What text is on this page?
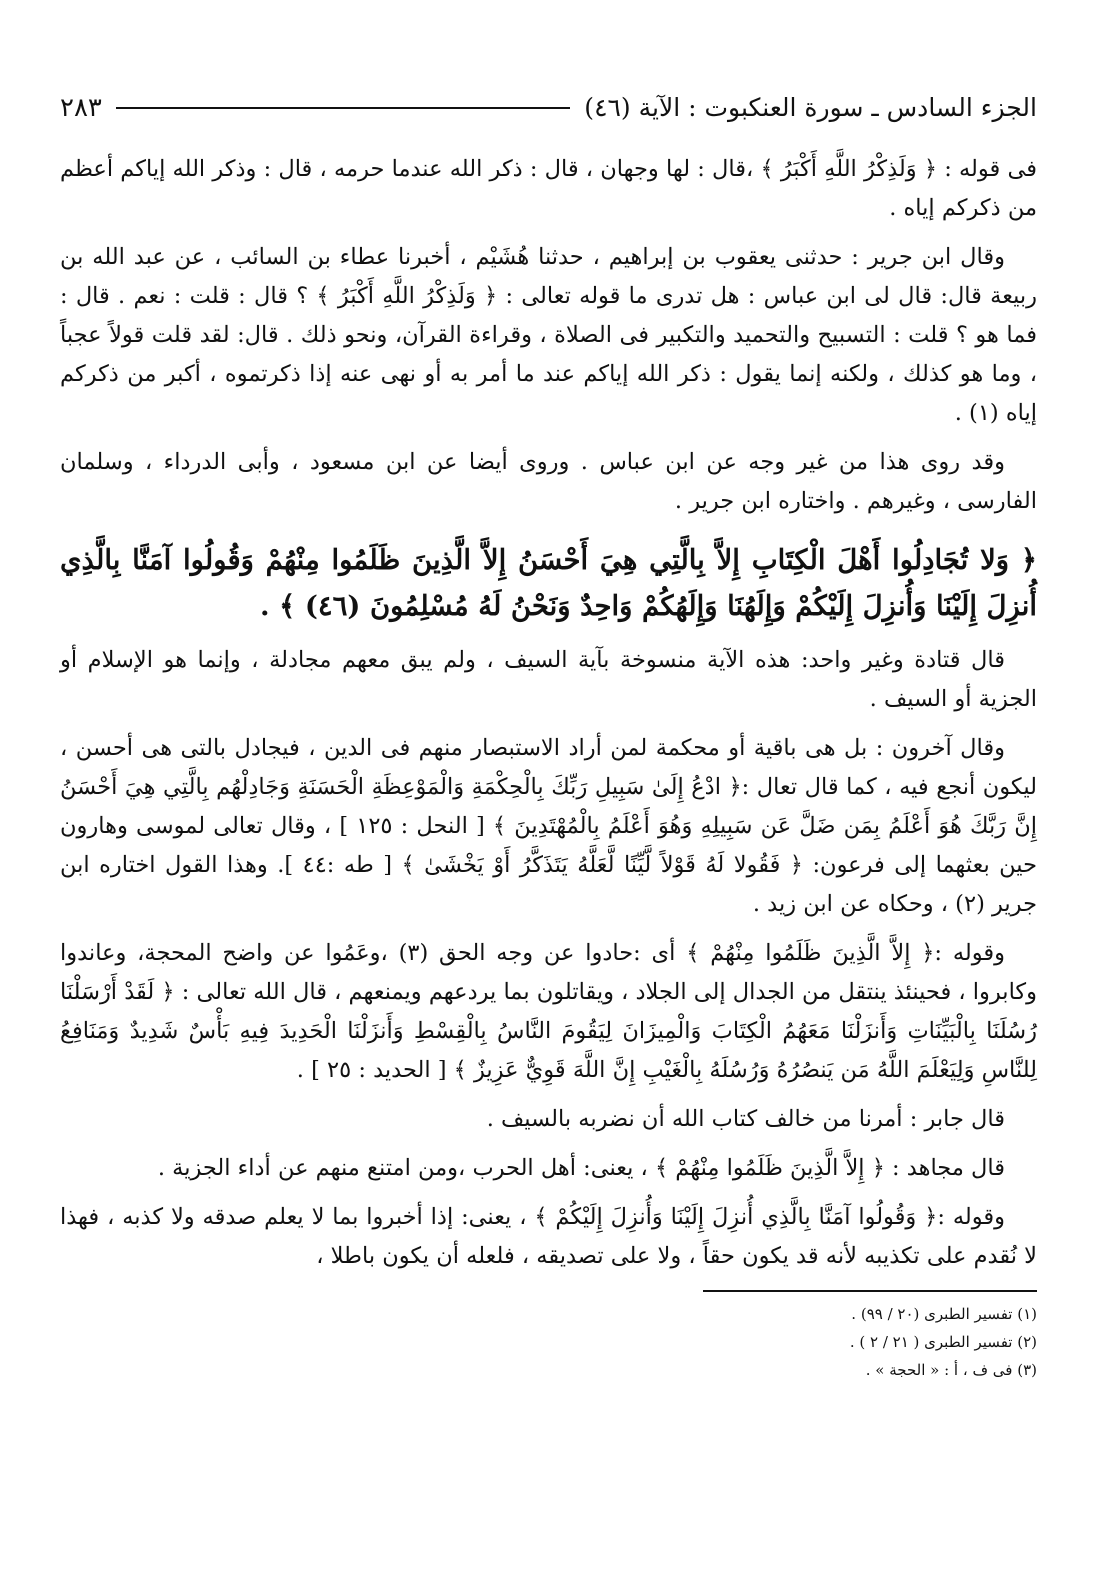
الجزء السادس ـ سورة العنكبوت : الآية (٤٦)
٢٨٣

فى قوله : ﴿ وَلَذِكْرُ اللَّهِ أَكْبَرُ ﴾ ،قال : لها وجهان ، قال : ذكر الله عندما حرمه ، قال : وذكر الله إياكم أعظم من ذكركم إياه .

وقال ابن جرير : حدثنى يعقوب بن إبراهيم ، حدثنا هُشَيْم ، أخبرنا عطاء بن السائب ، عن عبد الله بن ربيعة قال: قال لى ابن عباس : هل تدرى ما قوله تعالى : ﴿ وَلَذِكْرُ اللَّهِ أَكْبَرُ ﴾ ؟ قال : قلت : نعم . قال : فما هو ؟ قلت : التسبيح والتحميد والتكبير فى الصلاة ، وقراءة القرآن، ونحو ذلك . قال: لقد قلت قولاً عجباً ، وما هو كذلك ، ولكنه إنما يقول : ذكر الله إياكم عند ما أمر به أو نهى عنه إذا ذكرتموه ، أكبر من ذكركم إياه (١) .

وقد روى هذا من غير وجه عن ابن عباس . وروى أيضا عن ابن مسعود ، وأبى الدرداء ، وسلمان الفارسى ، وغيرهم . واختاره ابن جرير .

﴿ وَلا تُجَادِلُوا أَهْلَ الْكِتَابِ إِلاَّ بِالَّتِي هِيَ أَحْسَنُ إِلاَّ الَّذِينَ ظَلَمُوا مِنْهُمْ وَقُولُوا آمَنَّا بِالَّذِي أُنزِلَ إِلَيْنَا وَأُنزِلَ إِلَيْكُمْ وَإِلَهُنَا وَإِلَهُكُمْ وَاحِدٌ وَنَحْنُ لَهُ مُسْلِمُونَ (٤٦) ﴾ .

قال قتادة وغير واحد: هذه الآية منسوخة بآية السيف ، ولم يبق معهم مجادلة ، وإنما هو الإسلام أو الجزية أو السيف .

وقال آخرون : بل هى باقية أو محكمة لمن أراد الاستبصار منهم فى الدين ، فيجادل بالتى هى أحسن ، ليكون أنجع فيه ، كما قال تعال :﴿ ادْعُ إِلَىٰ سَبِيلِ رَبِّكَ بِالْحِكْمَةِ وَالْمَوْعِظَةِ الْحَسَنَةِ وَجَادِلْهُم بِالَّتِي هِيَ أَحْسَنُ إِنَّ رَبَّكَ هُوَ أَعْلَمُ بِمَن ضَلَّ عَن سَبِيلِهِ وَهُوَ أَعْلَمُ بِالْمُهْتَدِينَ ﴾ [ النحل : ١٢٥ ] ، وقال تعالى لموسى وهارون حين بعثهما إلى فرعون: ﴿ فَقُولا لَهُ قَوْلاً لَّيِّنًا لَّعَلَّهُ يَتَذَكَّرُ أَوْ يَخْشَىٰ ﴾ [ طه :٤٤ ]. وهذا القول اختاره ابن جرير (٢) ، وحكاه عن ابن زيد .

وقوله :﴿ إِلاَّ الَّذِينَ ظَلَمُوا مِنْهُمْ ﴾ أى :حادوا عن وجه الحق (٣) ،وعَمُوا عن واضح المحجة، وعاندوا وكابروا ، فحينئذ ينتقل من الجدال إلى الجلاد ، ويقاتلون بما يردعهم ويمنعهم ، قال الله تعالى : ﴿ لَقَدْ أَرْسَلْنَا رُسُلَنَا بِالْبَيِّنَاتِ وَأَنزَلْنَا مَعَهُمُ الْكِتَابَ وَالْمِيزَانَ لِيَقُومَ النَّاسُ بِالْقِسْطِ وَأَنزَلْنَا الْحَدِيدَ فِيهِ بَأْسٌ شَدِيدٌ وَمَنَافِعُ لِلنَّاسِ وَلِيَعْلَمَ اللَّهُ مَن يَنصُرُهُ وَرُسُلَهُ بِالْغَيْبِ إِنَّ اللَّهَ قَوِيٌّ عَزِيزٌ ﴾ [ الحديد : ٢٥ ] .

قال جابر : أمرنا من خالف كتاب الله أن نضربه بالسيف .

قال مجاهد : ﴿ إِلاَّ الَّذِينَ ظَلَمُوا مِنْهُمْ ﴾ ، يعنى: أهل الحرب ،ومن امتنع منهم عن أداء الجزية .

وقوله :﴿ وَقُولُوا آمَنَّا بِالَّذِي أُنزِلَ إِلَيْنَا وَأُنزِلَ إِلَيْكُمْ ﴾ ، يعنى: إذا أخبروا بما لا يعلم صدقه ولا كذبه ، فهذا لا نُقدم على تكذيبه لأنه قد يكون حقاً ، ولا على تصديقه ، فلعله أن يكون باطلا ،

(١) تفسير الطبرى (٢٠ / ٩٩) .

(٢) تفسير الطبرى ( ٢١ / ٢ ) .

(٣) فى ف ، أ : « الحجة » .
